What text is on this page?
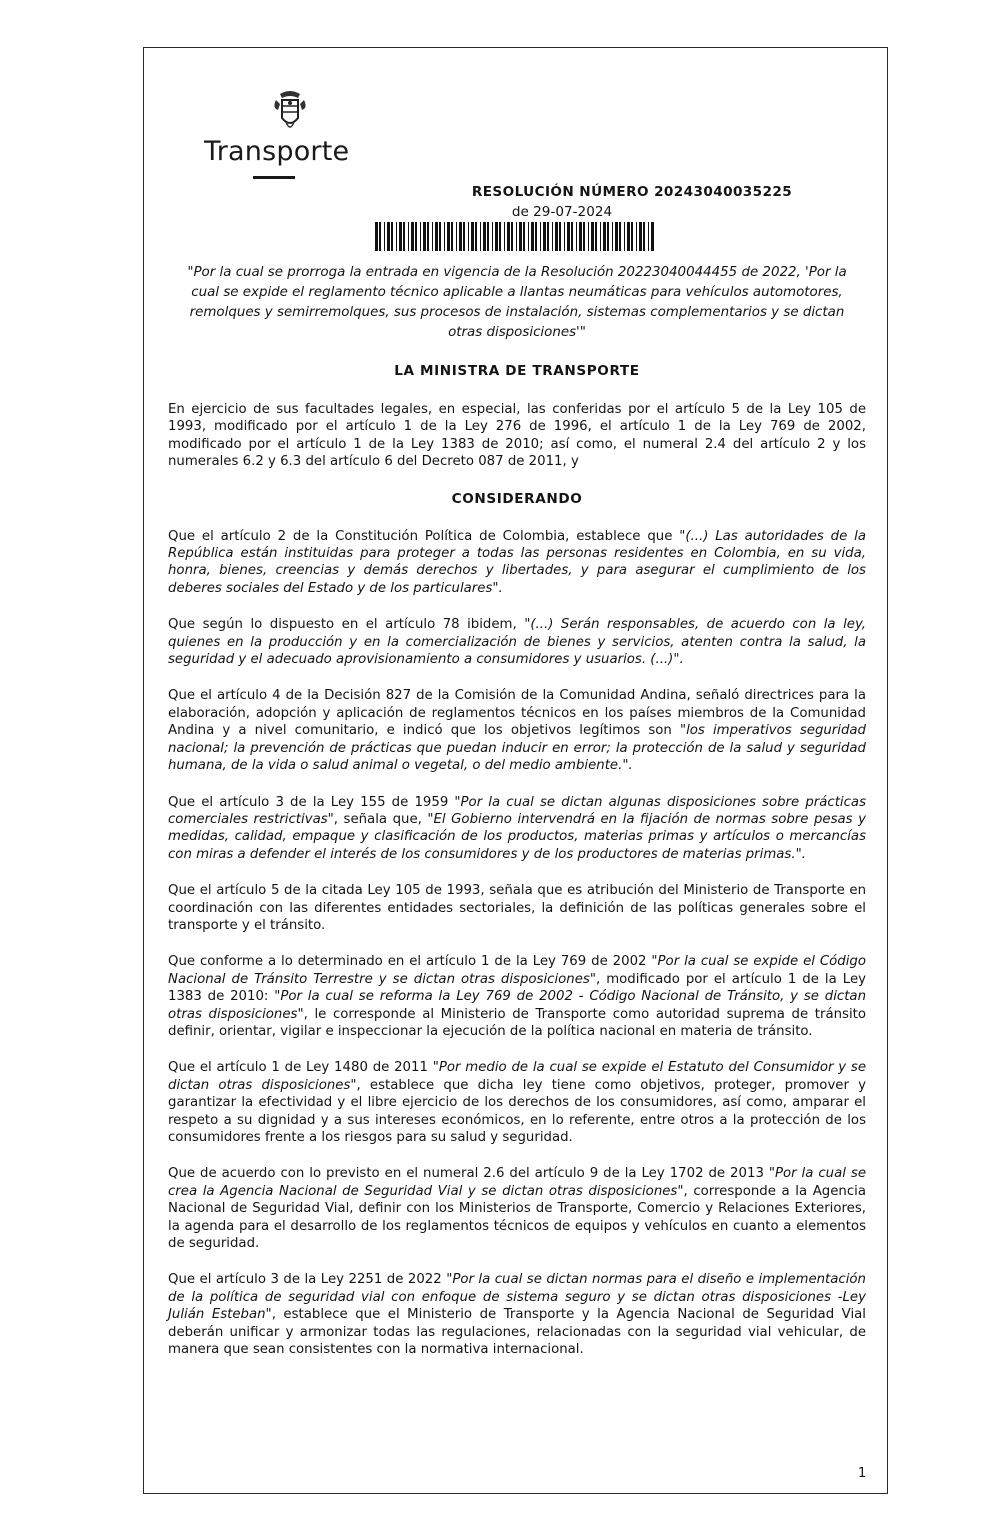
Transporte
RESOLUCIÓN NÚMERO 20243040035225
de 29-07-2024
"Por la cual se prorroga la entrada en vigencia de la Resolución 20223040044455 de 2022, 'Por la cual se expide el reglamento técnico aplicable a llantas neumáticas para vehículos automotores, remolques y semirremolques, sus procesos de instalación, sistemas complementarios y se dictan otras disposiciones'"
LA MINISTRA DE TRANSPORTE

En ejercicio de sus facultades legales, en especial, las conferidas por el artículo 5 de la Ley 105 de 1993, modificado por el artículo 1 de la Ley 276 de 1996, el artículo 1 de la Ley 769 de 2002, modificado por el artículo 1 de la Ley 1383 de 2010; así como, el numeral 2.4 del artículo 2 y los numerales 6.2 y 6.3 del artículo 6 del Decreto 087 de 2011, y

CONSIDERANDO

Que el artículo 2 de la Constitución Política de Colombia, establece que "(...) Las autoridades de la República están instituidas para proteger a todas las personas residentes en Colombia, en su vida, honra, bienes, creencias y demás derechos y libertades, y para asegurar el cumplimiento de los deberes sociales del Estado y de los particulares".

Que según lo dispuesto en el artículo 78 ibidem, "(...) Serán responsables, de acuerdo con la ley, quienes en la producción y en la comercialización de bienes y servicios, atenten contra la salud, la seguridad y el adecuado aprovisionamiento a consumidores y usuarios. (...)".

Que el artículo 4 de la Decisión 827 de la Comisión de la Comunidad Andina, señaló directrices para la elaboración, adopción y aplicación de reglamentos técnicos en los países miembros de la Comunidad Andina y a nivel comunitario, e indicó que los objetivos legítimos son "los imperativos seguridad nacional; la prevención de prácticas que puedan inducir en error; la protección de la salud y seguridad humana, de la vida o salud animal o vegetal, o del medio ambiente.".

Que el artículo 3 de la Ley 155 de 1959 "Por la cual se dictan algunas disposiciones sobre prácticas comerciales restrictivas", señala que, "El Gobierno intervendrá en la fijación de normas sobre pesas y medidas, calidad, empaque y clasificación de los productos, materias primas y artículos o mercancías con miras a defender el interés de los consumidores y de los productores de materias primas.".

Que el artículo 5 de la citada Ley 105 de 1993, señala que es atribución del Ministerio de Transporte en coordinación con las diferentes entidades sectoriales, la definición de las políticas generales sobre el transporte y el tránsito.

Que conforme a lo determinado en el artículo 1 de la Ley 769 de 2002 "Por la cual se expide el Código Nacional de Tránsito Terrestre y se dictan otras disposiciones", modificado por el artículo 1 de la Ley 1383 de 2010: "Por la cual se reforma la Ley 769 de 2002 - Código Nacional de Tránsito, y se dictan otras disposiciones", le corresponde al Ministerio de Transporte como autoridad suprema de tránsito definir, orientar, vigilar e inspeccionar la ejecución de la política nacional en materia de tránsito.

Que el artículo 1 de Ley 1480 de 2011 "Por medio de la cual se expide el Estatuto del Consumidor y se dictan otras disposiciones", establece que dicha ley tiene como objetivos, proteger, promover y garantizar la efectividad y el libre ejercicio de los derechos de los consumidores, así como, amparar el respeto a su dignidad y a sus intereses económicos, en lo referente, entre otros a la protección de los consumidores frente a los riesgos para su salud y seguridad.

Que de acuerdo con lo previsto en el numeral 2.6 del artículo 9 de la Ley 1702 de 2013 "Por la cual se crea la Agencia Nacional de Seguridad Vial y se dictan otras disposiciones", corresponde a la Agencia Nacional de Seguridad Vial, definir con los Ministerios de Transporte, Comercio y Relaciones Exteriores, la agenda para el desarrollo de los reglamentos técnicos de equipos y vehículos en cuanto a elementos de seguridad.

Que el artículo 3 de la Ley 2251 de 2022 "Por la cual se dictan normas para el diseño e implementación de la política de seguridad vial con enfoque de sistema seguro y se dictan otras disposiciones -Ley Julián Esteban", establece que el Ministerio de Transporte y la Agencia Nacional de Seguridad Vial deberán unificar y armonizar todas las regulaciones, relacionadas con la seguridad vial vehicular, de manera que sean consistentes con la normativa internacional.

1
